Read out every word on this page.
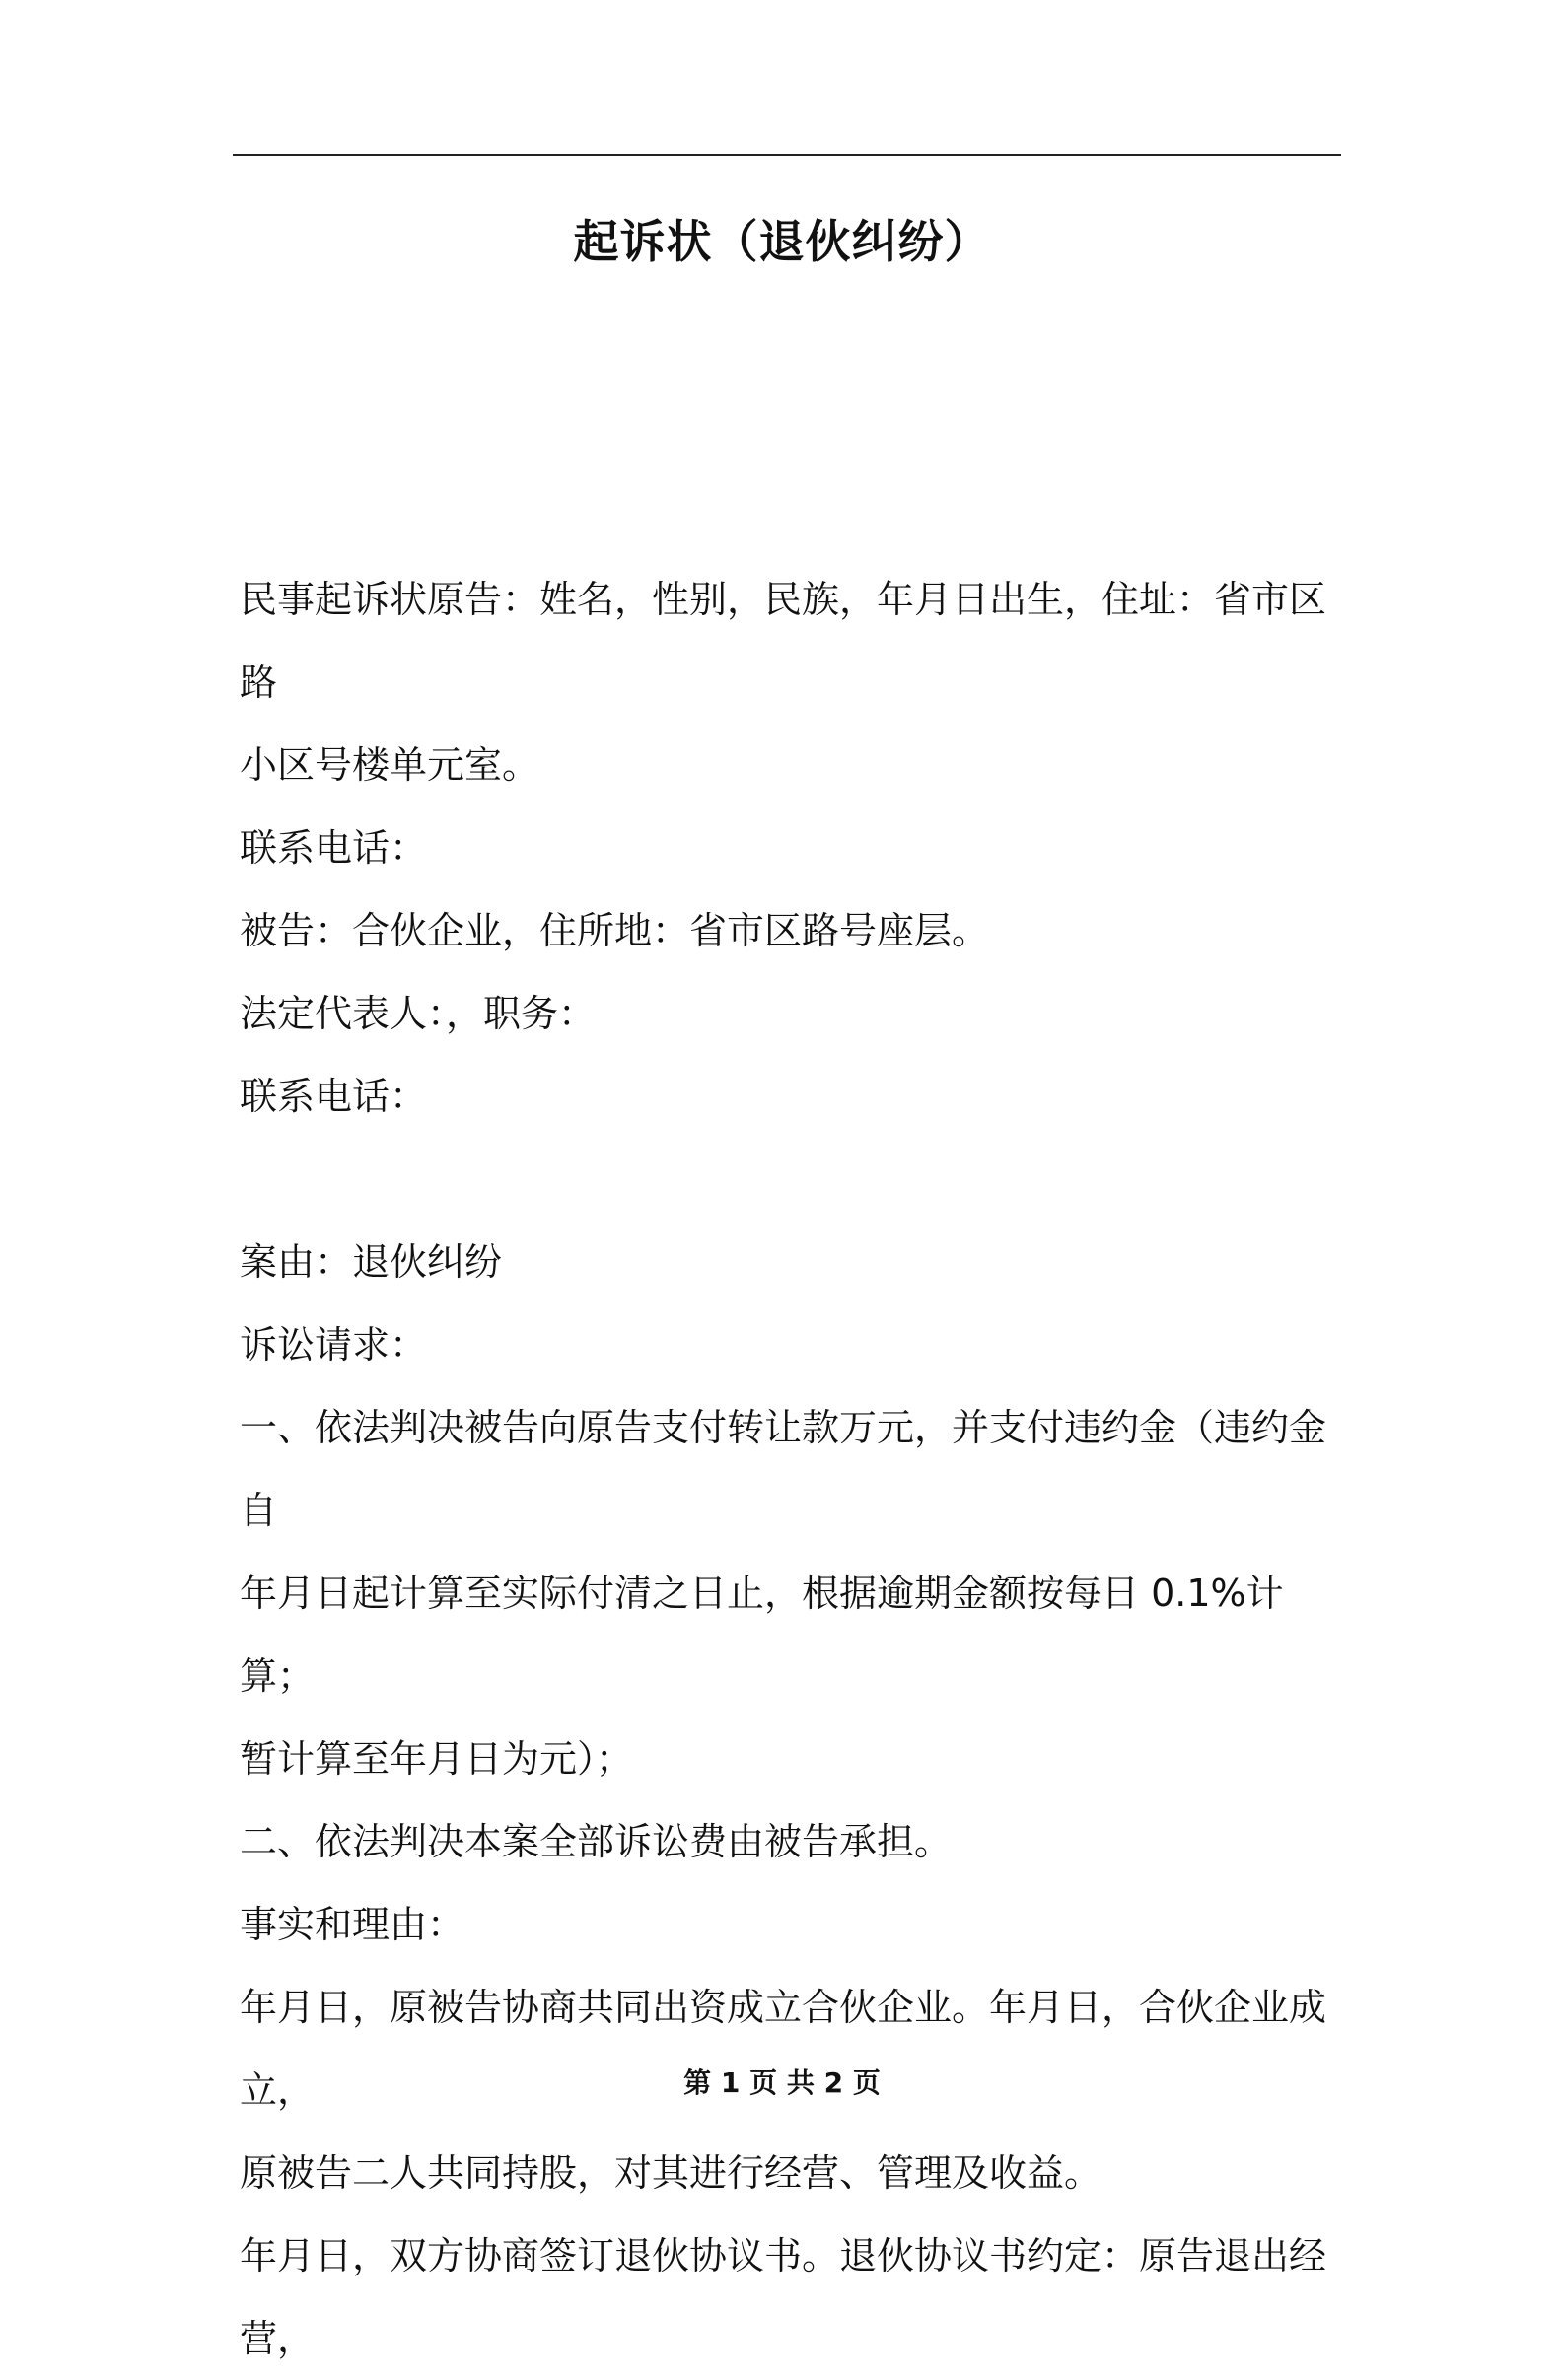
起诉状（退伙纠纷）

民事起诉状原告：姓名，性别，民族，年月日出生，住址：省市区路

小区号楼单元室。

联系电话：

被告：合伙企业，住所地：省市区路号座层。

法定代表人：，职务：

联系电话：

案由：退伙纠纷

诉讼请求：

一、依法判决被告向原告支付转让款万元，并支付违约金（违约金自

年月日起计算至实际付清之日止，根据逾期金额按每日 0.1%计算；

暂计算至年月日为元）；

二、依法判决本案全部诉讼费由被告承担。

事实和理由：

年月日，原被告协商共同出资成立合伙企业。年月日，合伙企业成立，

原被告二人共同持股，对其进行经营、管理及收益。

年月日，双方协商签订退伙协议书。退伙协议书约定：原告退出经营，

第 1 页 共 2 页
